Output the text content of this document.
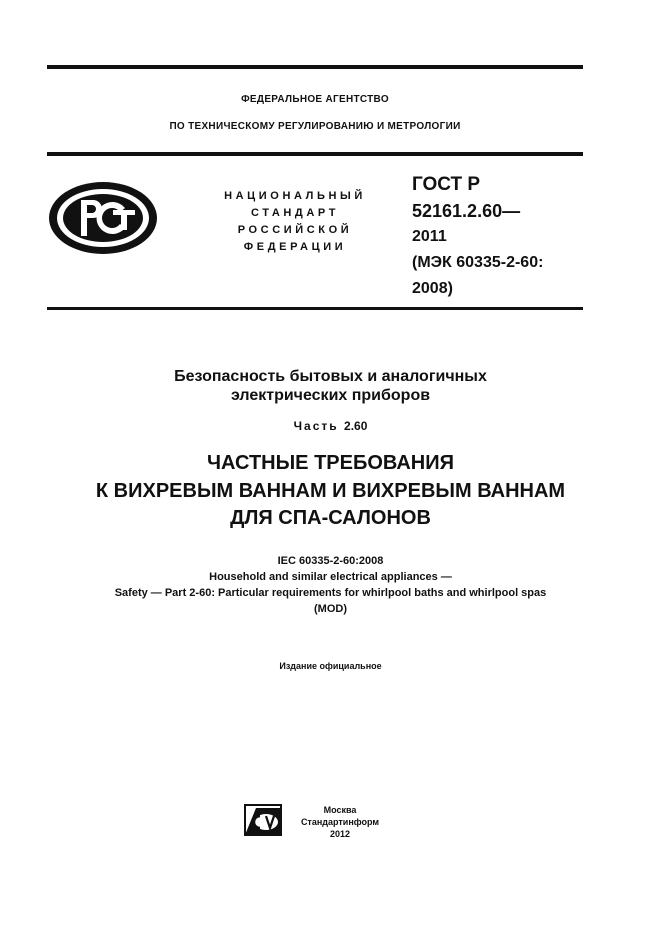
ФЕДЕРАЛЬНОЕ АГЕНТСТВО
ПО ТЕХНИЧЕСКОМУ РЕГУЛИРОВАНИЮ И МЕТРОЛОГИИ
НАЦИОНАЛЬНЫЙ
СТАНДАРТ
РОССИЙСКОЙ
ФЕДЕРАЦИИ
ГОСТ Р
52161.2.60—
2011
(МЭК 60335-2-60:
2008)
Безопасность бытовых и аналогичных
электрических приборов
Часть 2.60
ЧАСТНЫЕ ТРЕБОВАНИЯ
К ВИХРЕВЫМ ВАННАМ И ВИХРЕВЫМ ВАННАМ
ДЛЯ СПА-САЛОНОВ
IEC 60335-2-60:2008
Household and similar electrical appliances —
Safety — Part 2-60: Particular requirements for whirlpool baths and whirlpool spas
(MOD)
Издание официальное
Москва
Стандартинформ
2012
